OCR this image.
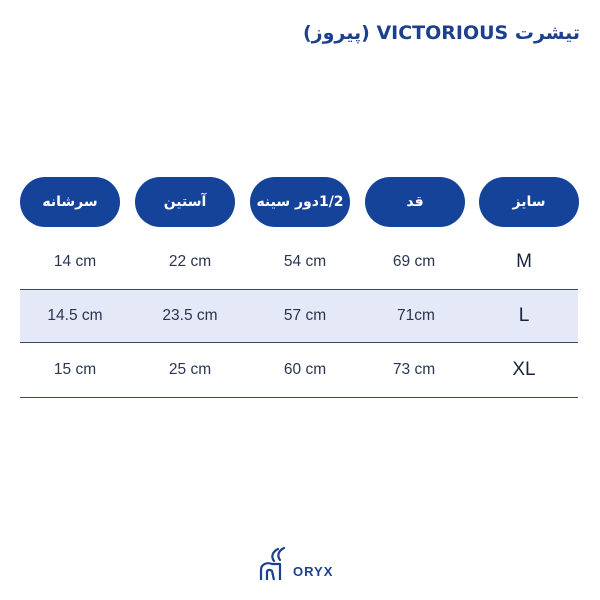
تیشرت VICTORIOUS (پیروز)
سرشانه	آستین	1/2دور سینه	قد	سایز
14 cm	22 cm	54 cm	69 cm	M
14.5 cm	23.5 cm	57 cm	71cm	L
15 cm	25 cm	60 cm	73 cm	XL
ORYX
